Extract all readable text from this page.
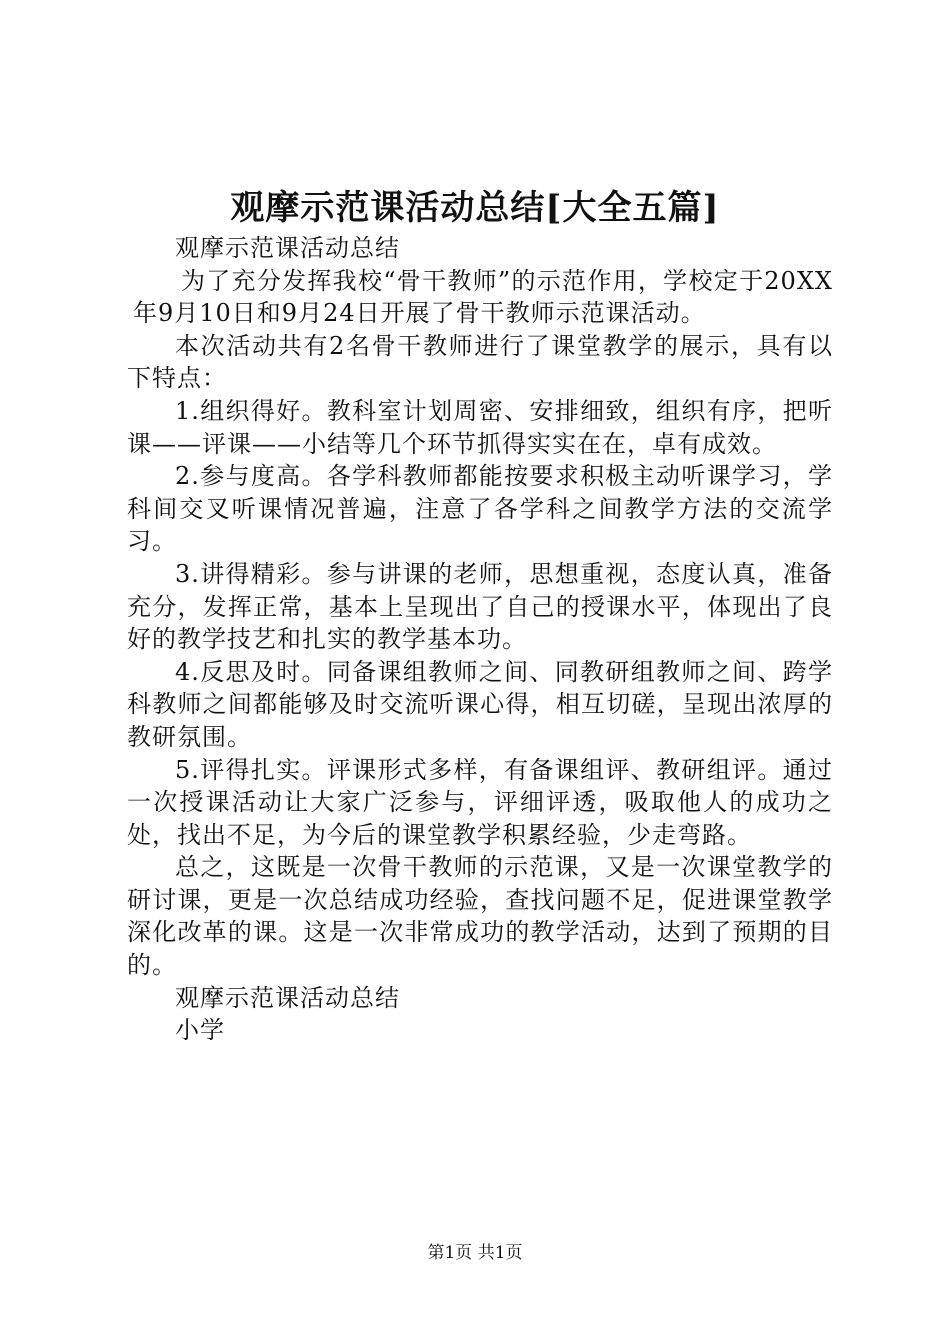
观摩示范课活动总结[大全五篇]

观摩示范课活动总结

为了充分发挥我校“骨干教师”的示范作用，学校定于20XX年9月10日和9月24日开展了骨干教师示范课活动。

本次活动共有2名骨干教师进行了课堂教学的展示，具有以下特点：

1.组织得好。教科室计划周密、安排细致，组织有序，把听课——评课——小结等几个环节抓得实实在在，卓有成效。

2.参与度高。各学科教师都能按要求积极主动听课学习，学科间交叉听课情况普遍，注意了各学科之间教学方法的交流学习。

3.讲得精彩。参与讲课的老师，思想重视，态度认真，准备充分，发挥正常，基本上呈现出了自己的授课水平，体现出了良好的教学技艺和扎实的教学基本功。

4.反思及时。同备课组教师之间、同教研组教师之间、跨学科教师之间都能够及时交流听课心得，相互切磋，呈现出浓厚的教研氛围。

5.评得扎实。评课形式多样，有备课组评、教研组评。通过一次授课活动让大家广泛参与，评细评透，吸取他人的成功之处，找出不足，为今后的课堂教学积累经验，少走弯路。

总之，这既是一次骨干教师的示范课，又是一次课堂教学的研讨课，更是一次总结成功经验，查找问题不足，促进课堂教学深化改革的课。这是一次非常成功的教学活动，达到了预期的目的。

观摩示范课活动总结

小学

第1页 共1页
